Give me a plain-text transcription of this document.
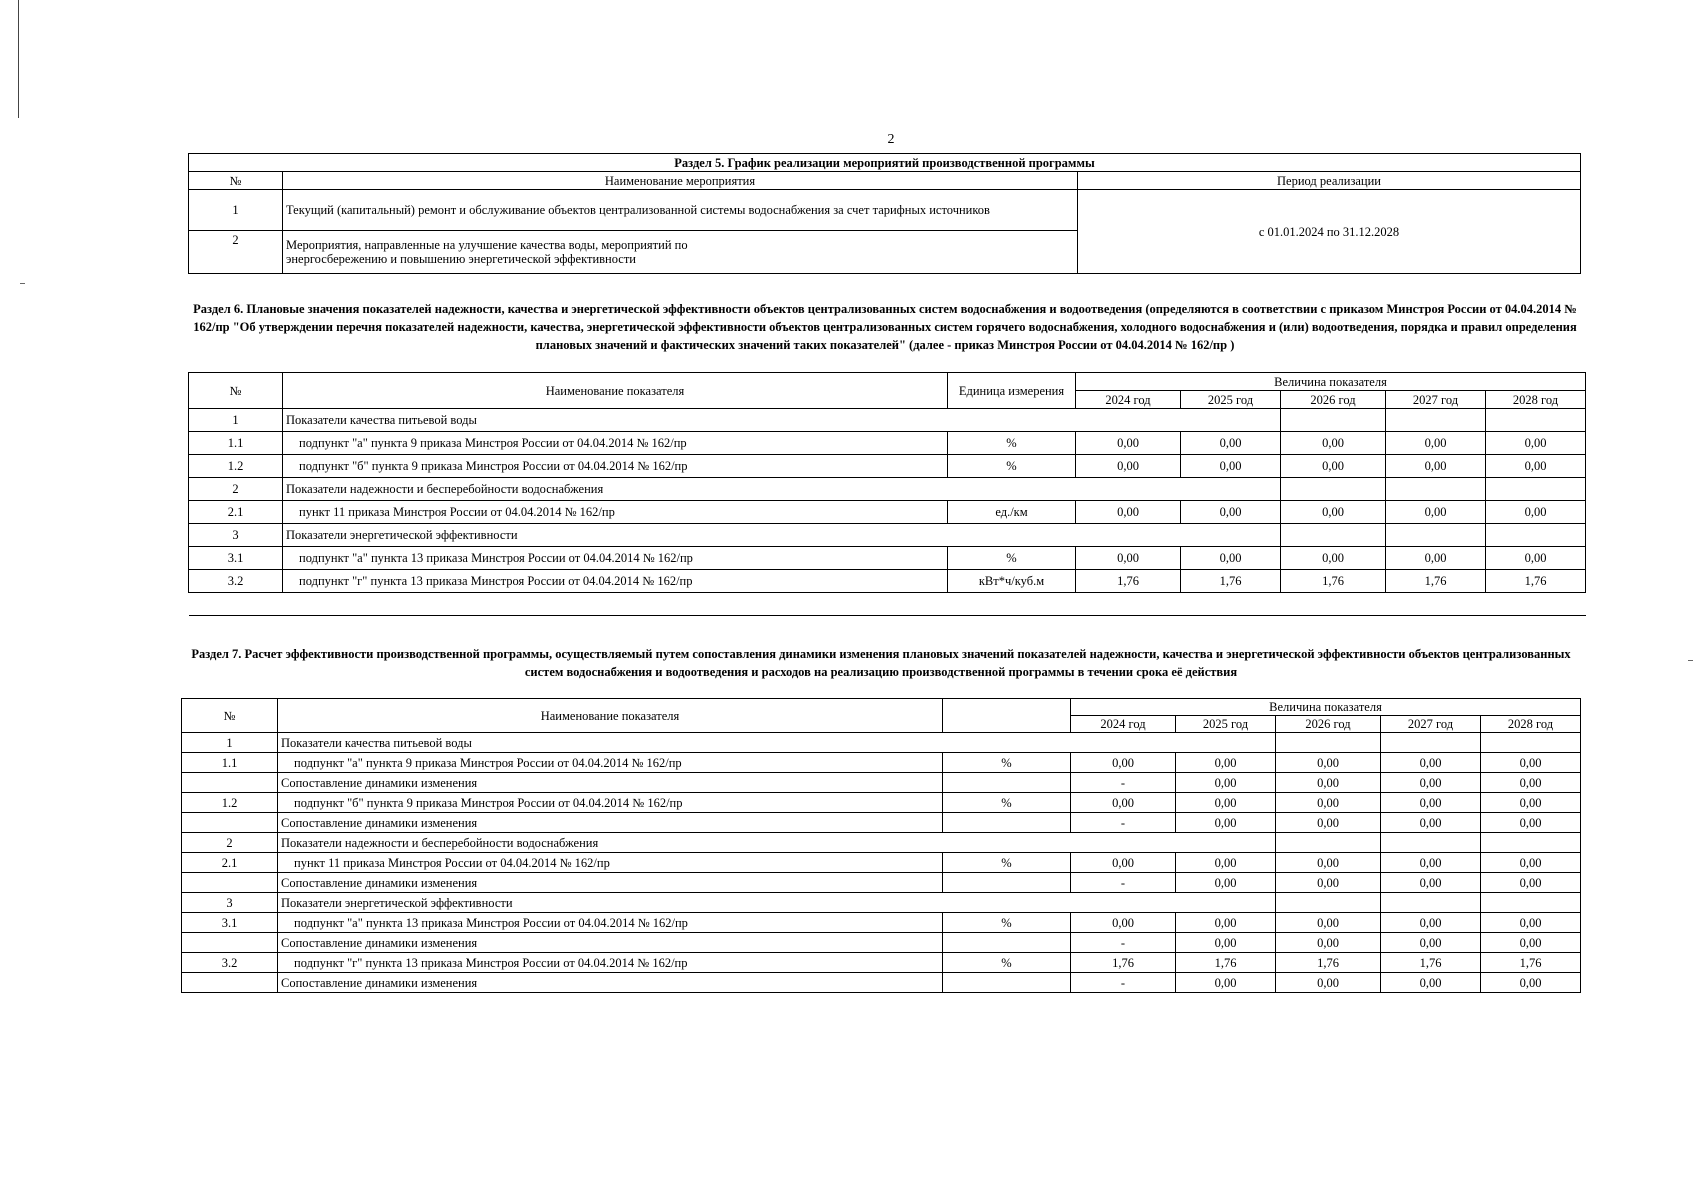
2
Раздел 5. График реализации мероприятий производственной программы		
№	Наименование мероприятия	Период реализации
1	Текущий (капитальный) ремонт и обслуживание объектов централизованной системы водоснабжения за счет тарифных источников	с 01.01.2024 по 31.12.2028
2	Мероприятия, направленные на улучшение качества воды, мероприятий по энергосбережению и повышению энергетической эффективности	
Раздел 6. Плановые значения показателей надежности, качества и энергетической эффективности объектов централизованных систем водоснабжения и водоотведения (определяются в соответствии с приказом Минстроя России от 04.04.2014 № 162/пр "Об утверждении перечня показателей надежности, качества, энергетической эффективности объектов централизованных систем горячего водоснабжения, холодного водоснабжения и (или) водоотведения, порядка и правил определения плановых значений и фактических значений таких показателей" (далее - приказ Минстроя России от 04.04.2014 № 162/пр )
№	Наименование показателя	Единица измерения	Величина показателя				
			2024 год	2025 год	2026 год	2027 год	2028 год
1	Показатели качества питьевой воды						
1.1	подпункт "а" пункта 9 приказа Минстроя России от 04.04.2014 № 162/пр	%	0,00	0,00	0,00	0,00	0,00
1.2	подпункт "б" пункта 9 приказа Минстроя России от 04.04.2014 № 162/пр	%	0,00	0,00	0,00	0,00	0,00
2	Показатели надежности и бесперебойности водоснабжения						
2.1	пункт 11 приказа Минстроя России от 04.04.2014 № 162/пр	ед./км	0,00	0,00	0,00	0,00	0,00
3	Показатели энергетической эффективности						
3.1	подпункт "а" пункта 13 приказа Минстроя России от 04.04.2014 № 162/пр	%	0,00	0,00	0,00	0,00	0,00
3.2	подпункт "г" пункта 13 приказа Минстроя России от 04.04.2014 № 162/пр	кВт*ч/куб.м	1,76	1,76	1,76	1,76	1,76

Раздел 7. Расчет эффективности производственной программы, осуществляемый путем сопоставления динамики изменения плановых значений показателей надежности, качества и энергетической эффективности объектов централизованных систем водоснабжения и водоотведения и расходов на реализацию производственной программы в течении срока её действия
№	Наименование показателя		Величина показателя				
			2024 год	2025 год	2026 год	2027 год	2028 год
1	Показатели качества питьевой воды						
1.1	подпункт "а" пункта 9 приказа Минстроя России от 04.04.2014 № 162/пр	%	0,00	0,00	0,00	0,00	0,00
	Сопоставление динамики изменения		-	0,00	0,00	0,00	0,00
1.2	подпункт "б" пункта 9 приказа Минстроя России от 04.04.2014 № 162/пр	%	0,00	0,00	0,00	0,00	0,00
	Сопоставление динамики изменения		-	0,00	0,00	0,00	0,00
2	Показатели надежности и бесперебойности водоснабжения						
2.1	пункт 11 приказа Минстроя России от 04.04.2014 № 162/пр	%	0,00	0,00	0,00	0,00	0,00
	Сопоставление динамики изменения		-	0,00	0,00	0,00	0,00
3	Показатели энергетической эффективности						
3.1	подпункт "а" пункта 13 приказа Минстроя России от 04.04.2014 № 162/пр	%	0,00	0,00	0,00	0,00	0,00
	Сопоставление динамики изменения		-	0,00	0,00	0,00	0,00
3.2	подпункт "г" пункта 13 приказа Минстроя России от 04.04.2014 № 162/пр	%	1,76	1,76	1,76	1,76	1,76
	Сопоставление динамики изменения		-	0,00	0,00	0,00	0,00
